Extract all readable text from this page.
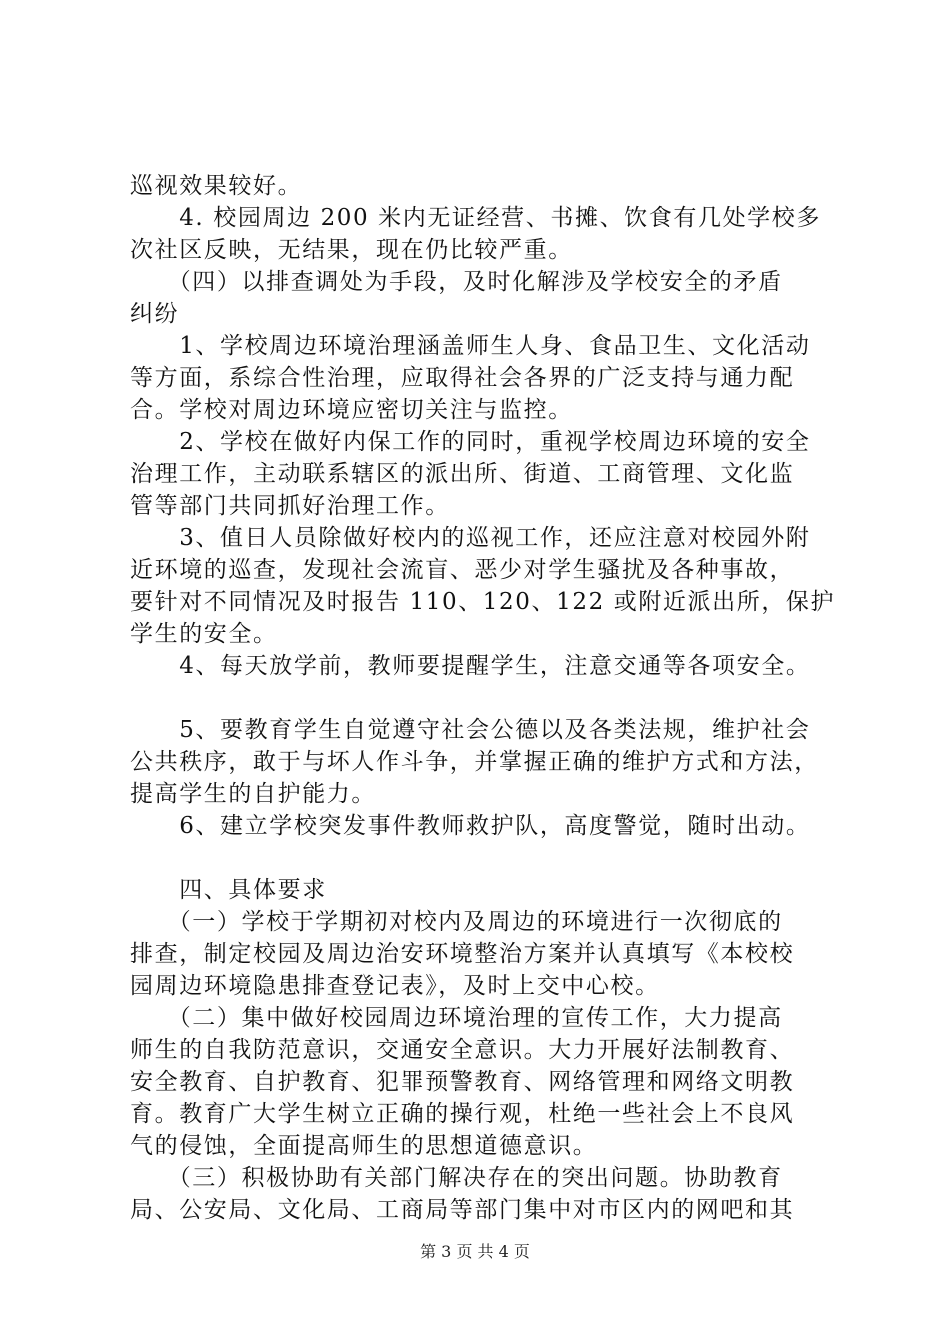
巡视效果较好。
　　4. 校园周边 200 米内无证经营、书摊、饮食有几处学校多
次社区反映，无结果，现在仍比较严重。
　　（四）以排查调处为手段，及时化解涉及学校安全的矛盾
纠纷
　　1、学校周边环境治理涵盖师生人身、食品卫生、文化活动
等方面，系综合性治理，应取得社会各界的广泛支持与通力配
合。学校对周边环境应密切关注与监控。
　　2、学校在做好内保工作的同时，重视学校周边环境的安全
治理工作，主动联系辖区的派出所、街道、工商管理、文化监
管等部门共同抓好治理工作。
　　3、值日人员除做好校内的巡视工作，还应注意对校园外附
近环境的巡查，发现社会流盲、恶少对学生骚扰及各种事故，
要针对不同情况及时报告 110、120、122 或附近派出所，保护
学生的安全。
　　4、每天放学前，教师要提醒学生，注意交通等各项安全。
　　5、要教育学生自觉遵守社会公德以及各类法规，维护社会
公共秩序，敢于与坏人作斗争，并掌握正确的维护方式和方法，
提高学生的自护能力。
　　6、建立学校突发事件教师救护队，高度警觉，随时出动。
　　四、具体要求
　　（一）学校于学期初对校内及周边的环境进行一次彻底的
排查，制定校园及周边治安环境整治方案并认真填写《本校校
园周边环境隐患排查登记表》，及时上交中心校。
　　（二）集中做好校园周边环境治理的宣传工作，大力提高
师生的自我防范意识，交通安全意识。大力开展好法制教育、
安全教育、自护教育、犯罪预警教育、网络管理和网络文明教
育。教育广大学生树立正确的操行观，杜绝一些社会上不良风
气的侵蚀，全面提高师生的思想道德意识。
　　（三）积极协助有关部门解决存在的突出问题。协助教育
局、公安局、文化局、工商局等部门集中对市区内的网吧和其
第 3 页 共 4 页
